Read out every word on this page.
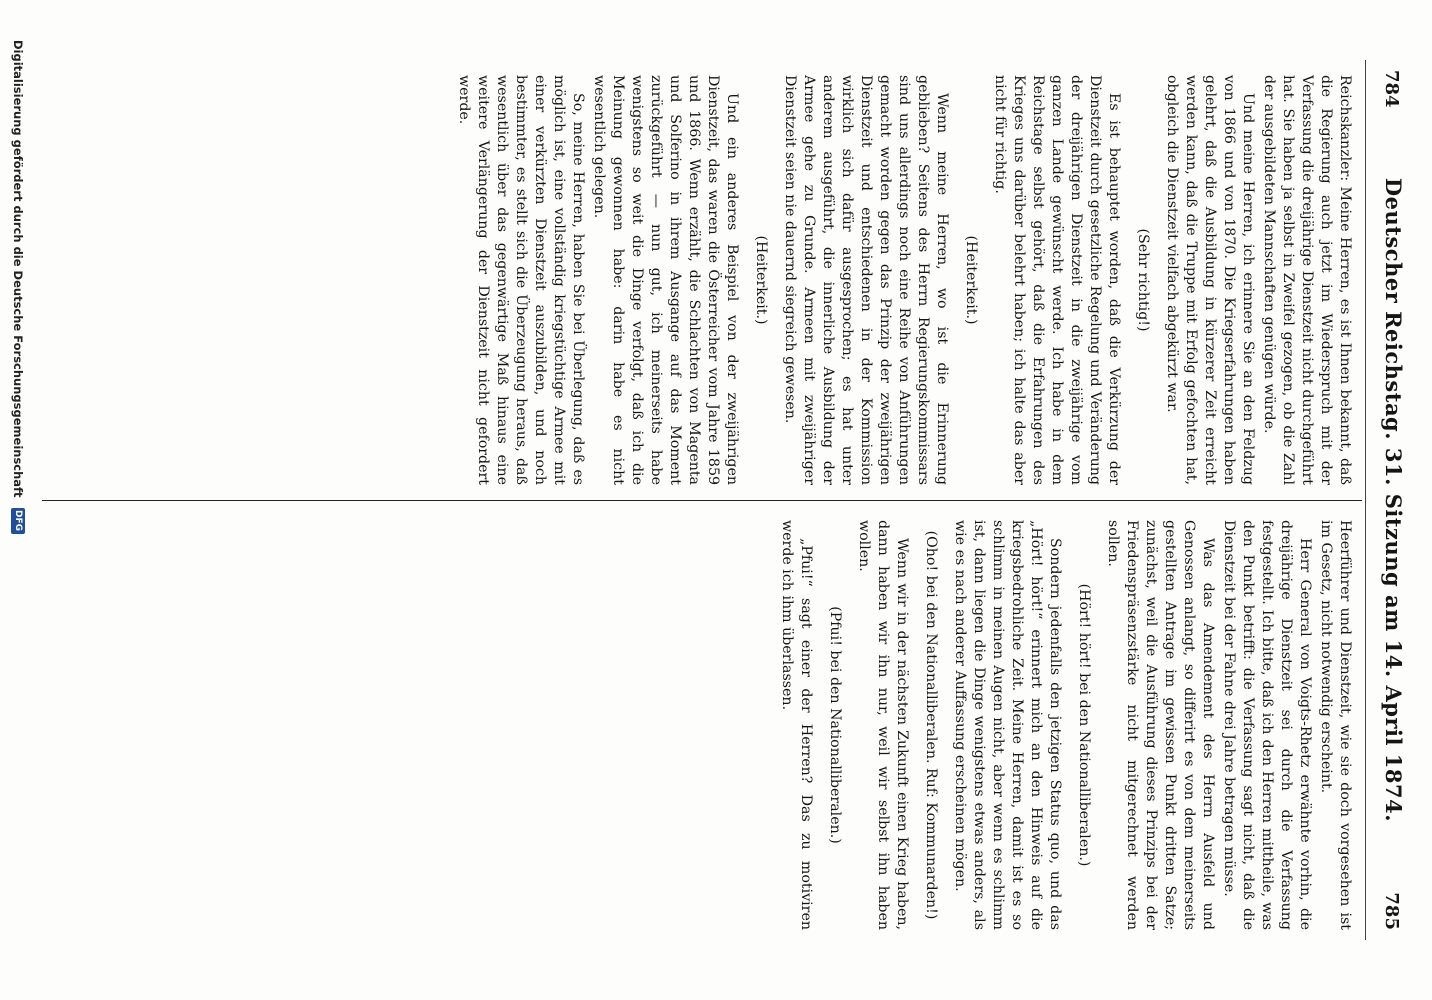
784
Deutscher Reichstag. 31. Sitzung am 14. April 1874.
785

Reichskanzler: Meine Herren, es ist Ihnen bekannt, daß die Regierung auch jetzt im Wiederspruch mit der Verfassung die dreijährige Dienstzeit nicht durchgeführt hat. Sie haben ja selbst in Zweifel gezogen, ob die Zahl der ausgebildeten Mannschaften genügen würde.

Und meine Herren, ich erinnere Sie an den Feldzug von 1866 und von 1870. Die Kriegserfahrungen haben gelehrt, daß die Ausbildung in kürzerer Zeit erreicht werden kann, daß die Truppe mit Erfolg gefochten hat, obgleich die Dienstzeit vielfach abgekürzt war.

(Sehr richtig!)

Es ist behauptet worden, daß die Verkürzung der Dienstzeit durch gesetzliche Regelung und Veränderung der dreijährigen Dienstzeit in die zweijährige vom ganzen Lande gewünscht werde. Ich habe in dem Reichstage selbst gehört, daß die Erfahrungen des Krieges uns darüber belehrt haben; ich halte das aber nicht für richtig.

(Heiterkeit.)

Wenn meine Herren, wo ist die Erinnerung geblieben? Seitens des Herrn Regierungskommissars sind uns allerdings noch eine Reihe von Anführungen gemacht worden gegen das Prinzip der zweijährigen Dienstzeit und entschiedenen in der Kommission wirklich sich dafür ausgesprochen; es hat unter anderem ausgeführt, die innerliche Ausbildung der Armee gehe zu Grunde. Armeen mit zweijähriger Dienstzeit seien nie dauernd siegreich gewesen.

(Heiterkeit.)

Und ein anderes Beispiel von der zweijährigen Dienstzeit, das waren die Österreicher vom Jahre 1859 und 1866. Wenn erzählt, die Schlachten von Magenta und Solferino in ihrem Ausgange auf das Moment zurückgeführt — nun gut, ich meinerseits habe wenigstens so weit die Dinge verfolgt, daß ich die Meinung gewonnen habe: darin habe es nicht wesentlich gelegen.

So, meine Herren, haben Sie bei Überlegung, daß es möglich ist, eine vollständig kriegstüchtige Armee mit einer verkürzten Dienstzeit auszubilden, und noch bestimmter, es stellt sich die Überzeugung heraus, daß wesentlich über das gegenwärtige Maß hinaus eine weitere Verlängerung der Dienstzeit nicht gefordert werde.

Heerführer und Dienstzeit, wie sie doch vorgesehen ist im Gesetz, nicht notwendig erscheint.

Herr General von Voigts-Rhetz erwähnte vorhin, die dreijährige Dienstzeit sei durch die Verfassung festgestellt. Ich bitte, daß ich den Herren mittheile, was den Punkt betrifft: die Verfassung sagt nicht, daß die Dienstzeit bei der Fahne drei Jahre betragen müsse.

Was das Amendement des Herrn Ausfeld und Genossen anlangt, so differirt es von dem meinerseits gestellten Antrage im gewissen Punkt dritten Satze; zunächst, weil die Ausführung dieses Prinzips bei der Friedenspräsenzstärke nicht mitgerechnet werden sollen.

(Hört! hört! bei den Nationalliberalen.)

Sondern jedenfalls den jetzigen Status quo, und das „Hört! hört!“ erinnert mich an den Hinweis auf die kriegsbedrohliche Zeit. Meine Herren, damit ist es so schlimm in meinen Augen nicht, aber wenn es schlimm ist, dann liegen die Dinge wenigstens etwas anders, als wie es nach anderer Auffassung erscheinen mögen.

(Oho! bei den Nationalliberalen. Ruf: Kommunarden!)

Wenn wir in der nächsten Zukunft einen Krieg haben, dann haben wir ihn nur, weil wir selbst ihn haben wollen.

(Pfui! bei den Nationalliberalen.)

„Pfui!“ sagt einer der Herren? Das zu motiviren werde ich ihm überlassen.

Digitalisierung gefördert durch die Deutsche Forschungsgemeinschaft
DFG
